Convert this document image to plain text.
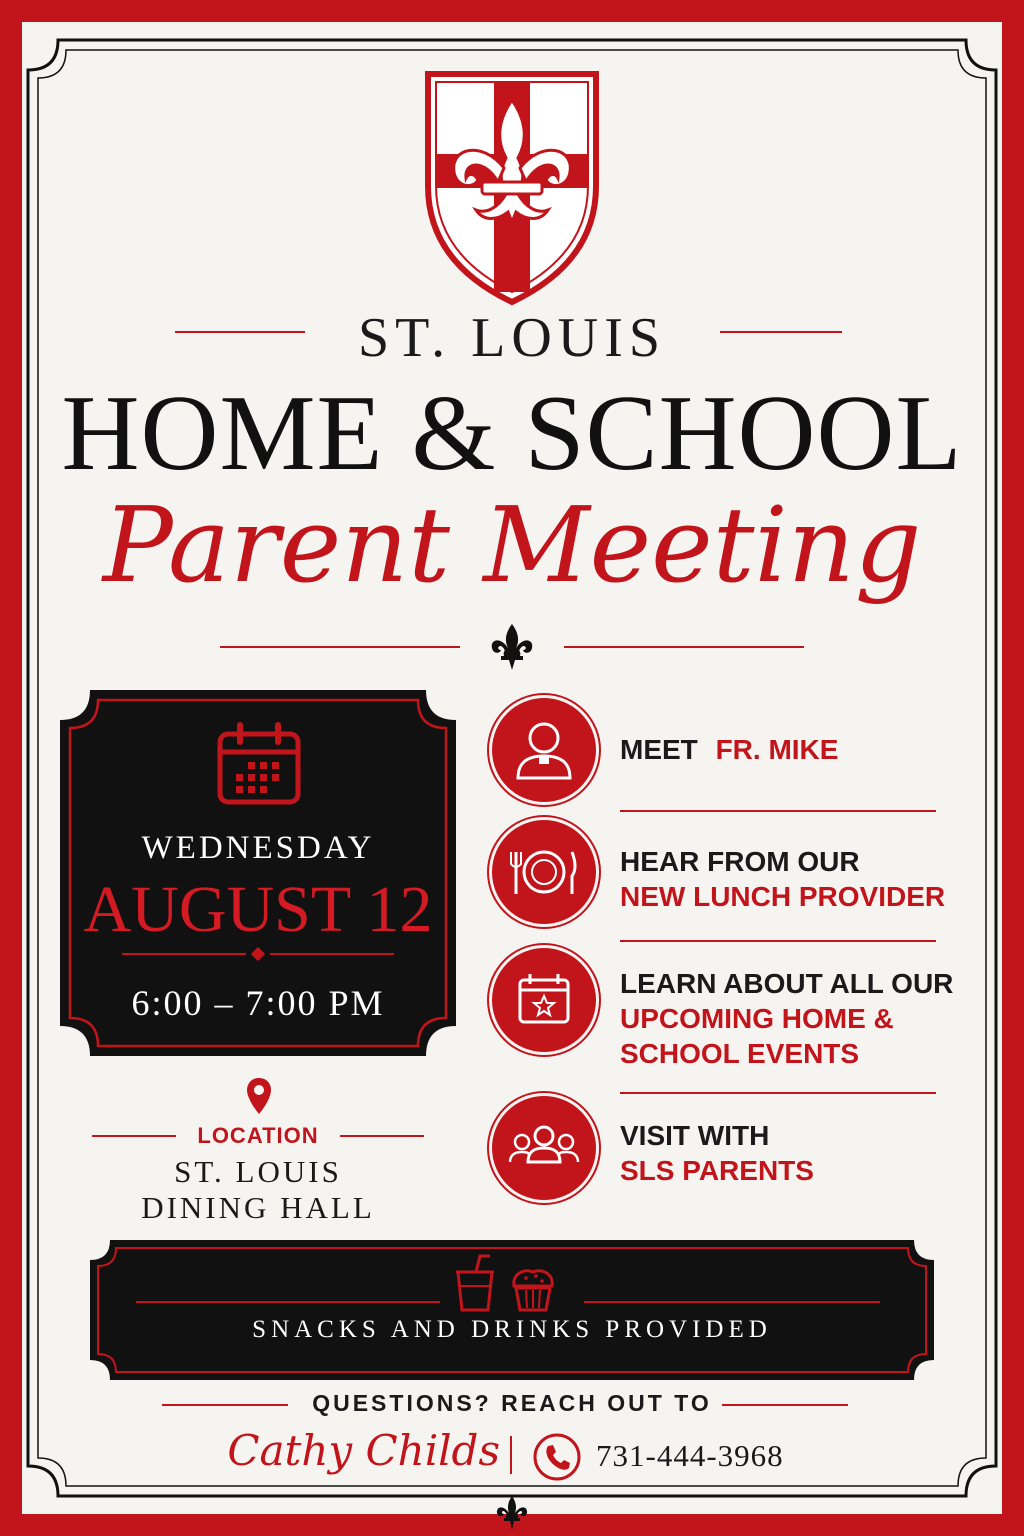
ST. LOUIS
HOME & SCHOOL
Parent Meeting
WEDNESDAY
AUGUST 12
6:00 – 7:00 PM
LOCATION
ST. LOUIS
DINING HALL
MEET FR. MIKE
HEAR FROM OUR
NEW LUNCH PROVIDER
LEARN ABOUT ALL OUR
UPCOMING HOME &
SCHOOL EVENTS
VISIT WITH
SLS PARENTS
SNACKS AND DRINKS PROVIDED
QUESTIONS? REACH OUT TO
Cathy Childs	731-444-3968
